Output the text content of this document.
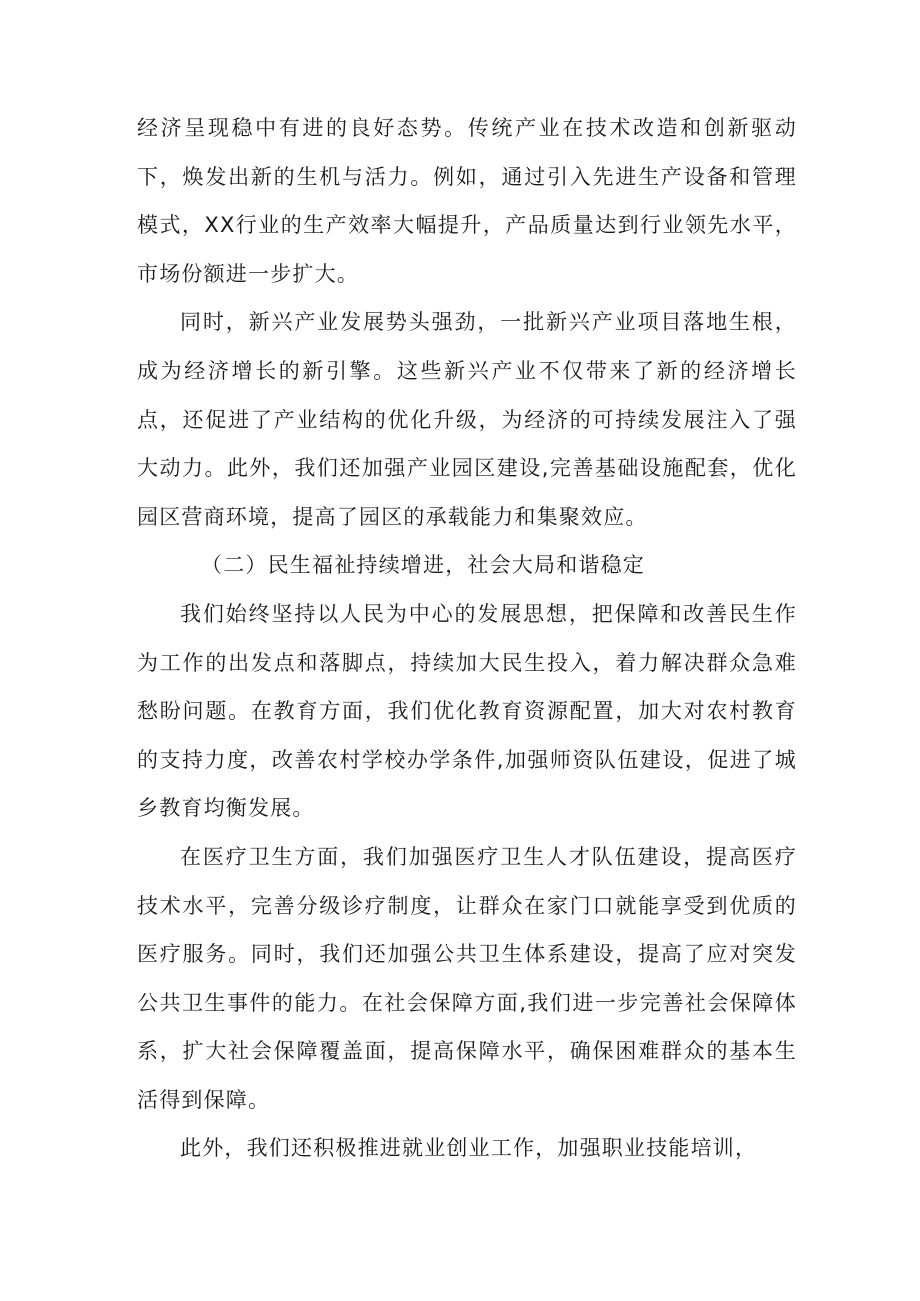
经济呈现稳中有进的良好态势。传统产业在技术改造和创新驱动下，焕发出新的生机与活力。例如，通过引入先进生产设备和管理模式，XX行业的生产效率大幅提升，产品质量达到行业领先水平，市场份额进一步扩大。

同时，新兴产业发展势头强劲，一批新兴产业项目落地生根，成为经济增长的新引擎。这些新兴产业不仅带来了新的经济增长点，还促进了产业结构的优化升级，为经济的可持续发展注入了强大动力。此外，我们还加强产业园区建设,完善基础设施配套，优化园区营商环境，提高了园区的承载能力和集聚效应。

（二）民生福祉持续增进，社会大局和谐稳定

我们始终坚持以人民为中心的发展思想，把保障和改善民生作为工作的出发点和落脚点，持续加大民生投入，着力解决群众急难愁盼问题。在教育方面，我们优化教育资源配置，加大对农村教育的支持力度，改善农村学校办学条件,加强师资队伍建设，促进了城乡教育均衡发展。

在医疗卫生方面，我们加强医疗卫生人才队伍建设，提高医疗技术水平，完善分级诊疗制度，让群众在家门口就能享受到优质的医疗服务。同时，我们还加强公共卫生体系建设，提高了应对突发公共卫生事件的能力。在社会保障方面,我们进一步完善社会保障体系，扩大社会保障覆盖面，提高保障水平，确保困难群众的基本生活得到保障。

此外，我们还积极推进就业创业工作，加强职业技能培训，
